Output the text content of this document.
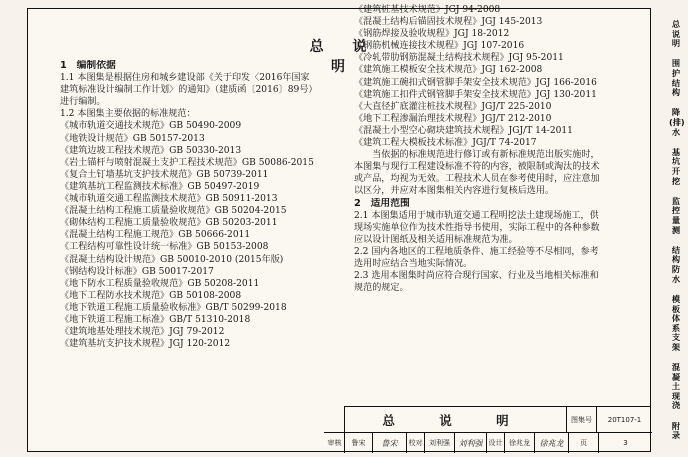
总 说 明
1　编制依据
1.1 本图集是根据住房和城乡建设部《关于印发〈2016年国家
建筑标准设计编制工作计划〉的通知》（建质函〔2016〕89号）
进行编制。
1.2 本图集主要依据的标准规范：
《城市轨道交通技术规范》GB 50490-2009
《地铁设计规范》GB 50157-2013
《建筑边坡工程技术规范》GB 50330-2013
《岩土锚杆与喷射混凝土支护工程技术规范》GB 50086-2015
《复合土钉墙基坑支护技术规范》GB 50739-2011
《建筑基坑工程监测技术标准》GB 50497-2019
《城市轨道交通工程监测技术规范》GB 50911-2013
《混凝土结构工程施工质量验收规范》GB 50204-2015
《砌体结构工程施工质量验收规范》GB 50203-2011
《混凝土结构工程施工规范》GB 50666-2011
《工程结构可靠性设计统一标准》GB 50153-2008
《混凝土结构设计规范》GB 50010-2010 (2015年版)
《钢结构设计标准》GB 50017-2017
《地下防水工程质量验收规范》GB 50208-2011
《地下工程防水技术规范》GB 50108-2008
《地下铁道工程施工质量验收标准》GB/T 50299-2018
《地下铁道工程施工标准》GB/T 51310-2018
《建筑地基处理技术规范》JGJ 79-2012
《建筑基坑支护技术规程》JGJ 120-2012
《建筑桩基技术规范》JGJ 94-2008
《混凝土结构后锚固技术规程》JGJ 145-2013
《钢筋焊接及验收规程》JGJ 18-2012
《钢筋机械连接技术规程》JGJ 107-2016
《冷轧带肋钢筋混凝土结构技术规程》JGJ 95-2011
《建筑施工模板安全技术规范》JGJ 162-2008
《建筑施工碗扣式钢管脚手架安全技术规范》JGJ 166-2016
《建筑施工扣件式钢管脚手架安全技术规范》JGJ 130-2011
《大直径扩底灌注桩技术规程》JGJ/T 225-2010
《地下工程渗漏治理技术规程》JGJ/T 212-2010
《混凝土小型空心砌块建筑技术规程》JGJ/T 14-2011
《建筑工程大模板技术标准》JGJ/T 74-2017
　　当依据的标准规范进行修订或有新标准规范出版实施时，
本图集与现行工程建设标准不符的内容，被限制或淘汰的技术
或产品，均视为无效。工程技术人员在参考使用时，应注意加
以区分，并应对本图集相关内容进行复核后选用。
2　适用范围
2.1 本图集适用于城市轨道交通工程明挖法土建现场施工，供
现场实施单位作为技术性指导书使用，实际工程中的各种参数
应以设计图纸及相关适用标准规范为准。
2.2 国内各地区的工程地质条件、施工经验等不尽相同，参考
选用时应结合当地实际情况。
2.3 选用本图集时尚应符合现行国家、行业及当地相关标准和
规范的规定。
总说明
围护结构
降(排)水
基坑开挖
监控量测
结构防水
模板体系支架
混凝土现浇
附录
总 说 明	图集号	20T107-1
审核	鲁宋	鲁宋	校对 刘利强	刘利强 设计 徐兆龙	徐兆龙	页	3
